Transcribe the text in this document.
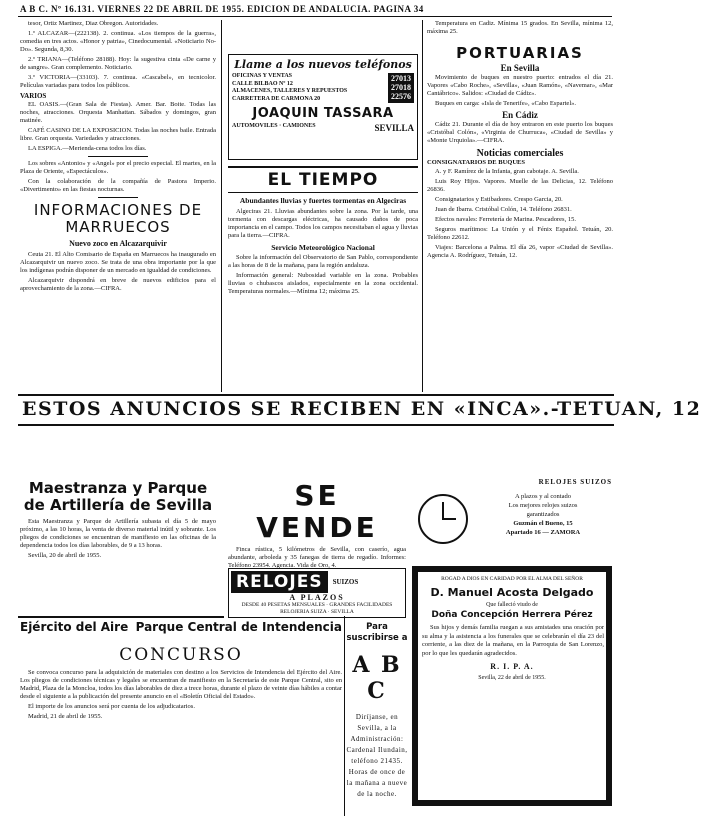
A B C. Nº 16.131. VIERNES 22 DE ABRIL DE 1955. EDICION DE ANDALUCIA. PAGINA 34

tesor, Ortiz Martinez, Diaz Obregon. Autoridades.

1.º ALCAZAR—(222138). 2. continua. «Los tiempos de la guerra», comedia en tres actos. «Honor y patria», Cinedocumental. «Noticiario No-Do». Segunda, 8,30.

2.º TRIANA—(Teléfono 28188). Hoy: la sugestiva cinta «De carne y de sangre». Gran complemento. Noticiario.

3.º VICTORIA—(33103). 7. continua. «Cascabel», en tecnicolor. Películas variadas para todos los públicos.

VARIOS

EL OASIS.—(Gran Sala de Fiestas). Amer. Bar. Boite. Todas las noches, atracciones. Orquesta Manhattan. Sábados y domingos, gran matinée.

CAFÉ CASINO DE LA EXPOSICION. Todas las noches baile. Entrada libre. Gran orquesta. Variedades y atracciones.

LA ESPIGA.—Merienda-cena todos los días.

Los sobres «Antonio» y «Angel» por el precio especial. El martes, en la Plaza de Oriente, «Espectáculos».

Con la colaboración de la compañía de Pastora Imperio. «Divertimento» en las fiestas nocturnas.

INFORMACIONES DE MARRUECOS
Nuevo zoco en Alcazarquivir

Ceuta 21. El Alto Comisario de España en Marruecos ha inaugurado en Alcazarquivir un nuevo zoco. Se trata de una obra importante por la que los indígenas podrán disponer de un mercado en igualdad de condiciones.

Alcazarquivir dispondrá en breve de nuevos edificios para el aprovechamiento de la zona.—CIFRA.

Llame a los nuevos teléfonos
OFICINAS Y VENTAS
CALLE BILBAO Nº 12
ALMACENES, TALLERES Y REPUESTOS
CARRETERA DE CARMONA 20
27013
27018
22576
JOAQUIN TASSARA
AUTOMOVILES · CAMIONES	SEVILLA
EL TIEMPO
Abundantes lluvias y fuertes tormentas en Algeciras

Algeciras 21. Lluvias abundantes sobre la zona. Por la tarde, una tormenta con descargas eléctricas, ha causado daños de poca importancia en el campo. Todos los campos necesitaban el agua y lluvias para la tierra.—CIFRA.

Servicio Meteorológico Nacional

Sobre la información del Observatorio de San Pablo, correspondiente a las horas de 8 de la mañana, para la región andaluza.

Información general: Nubosidad variable en la zona. Probables lluvias o chubascos aislados, especialmente en la zona occidental. Temperaturas normales.—Mínima 12; máxima 25.

Temperatura en Cadiz. Mínima 15 grados. En Sevilla, mínima 12, máxima 25.

PORTUARIAS
En Sevilla

Movimiento de buques en nuestro puerto: entrados el día 21. Vapores «Cabo Roche», «Sevilla», «Juan Ramón», «Navemar», «Mar Cantábrico». Salidos: «Ciudad de Cádiz».

Buques en carga: «Isla de Tenerife», «Cabo Espartel».

En Cádiz

Cádiz 21. Durante el día de hoy entraron en este puerto los buques «Cristóbal Colón», «Virginia de Churruca», «Ciudad de Sevilla» y «Monte Urquiola».—CIFRA.

Noticias comerciales
CONSIGNATARIOS DE BUQUES

A. y F. Ramírez de la Infanta, gran cabotaje. A. Sevilla.

Luis Roy Hijos. Vapores. Muelle de las Delicias, 12. Teléfono 26836.

Consignatarios y Estibadores. Crespo Garcia, 20.

Juan de Ibarra. Cristóbal Colón, 14. Teléfono 26831.

Efectos navales: Ferretería de Marina. Pescadores, 15.

Seguros marítimos: La Unión y el Fénix Español. Tetuán, 20. Teléfono 22612.

Viajes: Barcelona a Palma. El día 26, vapor «Ciudad de Sevilla». Agencia A. Rodríguez, Tetuán, 12.

ESTOS ANUNCIOS SE RECIBEN EN «INCA».-TETUAN, 12
Maestranza y Parque de Artillería de Sevilla

Esta Maestranza y Parque de Artillería subasta el día 5 de mayo próximo, a las 10 horas, la venta de diverso material inútil y sobrante. Los pliegos de condiciones se encuentran de manifiesto en las oficinas de la dependencia todos los días laborables, de 9 a 13 horas.

Sevilla, 20 de abril de 1955.

SE VENDE

Finca rústica, 5 kilómetros de Sevilla, con caserío, agua abundante, arboleda y 35 fanegas de tierra de regadío. Informes: Teléfono 23954. Agencia. Vida de Oro, 4.

RELOJES SUIZOS
A plazos y al contado
Los mejores relojes suizos
garantizados
Guzmán el Bueno, 15
Apartado 16 — ZAMORA
RELOJES	SUIZOS
A PLAZOS
DESDE 40 PESETAS MENSUALES · GRANDES FACILIDADES
RELOJERIA SUIZA · SEVILLA
ROGAD A DIOS EN CARIDAD POR EL ALMA DEL SEÑOR
D. Manuel Acosta Delgado
Que falleció viudo de
Doña Concepción Herrera Pérez

Sus hijos y demás familia ruegan a sus amistades una oración por su alma y la asistencia a los funerales que se celebrarán el día 23 del corriente, a las diez de la mañana, en la Parroquia de San Lorenzo, por lo que les quedarán agradecidos.

R. I. P. A.
Sevilla, 22 de abril de 1955.
Ejército del Aire Parque Central de Intendencia
CONCURSO

Se convoca concurso para la adquisición de materiales con destino a los Servicios de Intendencia del Ejército del Aire. Los pliegos de condiciones técnicas y legales se encuentran de manifiesto en la Secretaría de este Parque Central, sito en Madrid, Plaza de la Moncloa, todos los días laborables de diez a trece horas, durante el plazo de veinte días hábiles a contar desde el siguiente a la publicación del presente anuncio en el «Boletín Oficial del Estado».

El importe de los anuncios será por cuenta de los adjudicatarios.

Madrid, 21 de abril de 1955.

Para suscribirse a
A B C
Diríjanse, en Sevilla, a la Administración: Cardenal Ilundain, teléfono 21435. Horas de once de la mañana a nueve de la noche.
